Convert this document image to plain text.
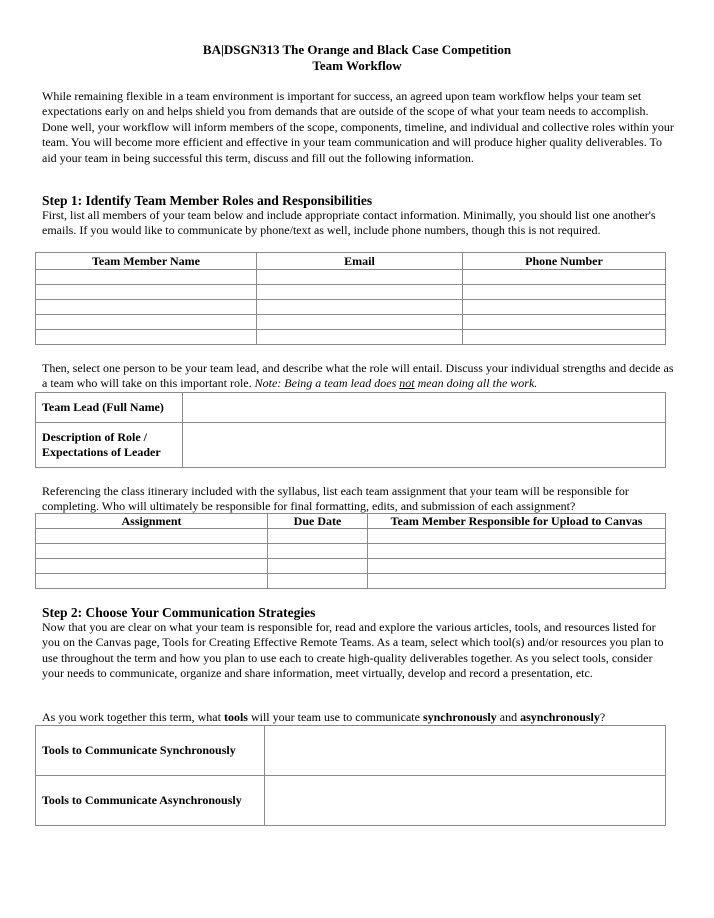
BA|DSGN313 The Orange and Black Case Competition
Team Workflow

While remaining flexible in a team environment is important for success, an agreed upon team workflow helps your team set expectations early on and helps shield you from demands that are outside of the scope of what your team needs to accomplish. Done well, your workflow will inform members of the scope, components, timeline, and individual and collective roles within your team. You will become more efficient and effective in your team communication and will produce higher quality deliverables. To aid your team in being successful this term, discuss and fill out the following information.

Step 1: Identify Team Member Roles and Responsibilities

First, list all members of your team below and include appropriate contact information. Minimally, you should list one another's emails. If you would like to communicate by phone/text as well, include phone numbers, though this is not required.

Team Member Name	Email	Phone Number

Then, select one person to be your team lead, and describe what the role will entail. Discuss your individual strengths and decide as a team who will take on this important role. Note: Being a team lead does not mean doing all the work.

Team Lead (Full Name)	
Description of Role /
Expectations of Leader	

Referencing the class itinerary included with the syllabus, list each team assignment that your team will be responsible for completing. Who will ultimately be responsible for final formatting, edits, and submission of each assignment?

Assignment	Due Date	Team Member Responsible for Upload to Canvas

Step 2: Choose Your Communication Strategies

Now that you are clear on what your team is responsible for, read and explore the various articles, tools, and resources listed for you on the Canvas page, Tools for Creating Effective Remote Teams. As a team, select which tool(s) and/or resources you plan to use throughout the term and how you plan to use each to create high-quality deliverables together. As you select tools, consider your needs to communicate, organize and share information, meet virtually, develop and record a presentation, etc.

As you work together this term, what tools will your team use to communicate synchronously and asynchronously?

Tools to Communicate Synchronously	
Tools to Communicate Asynchronously	
